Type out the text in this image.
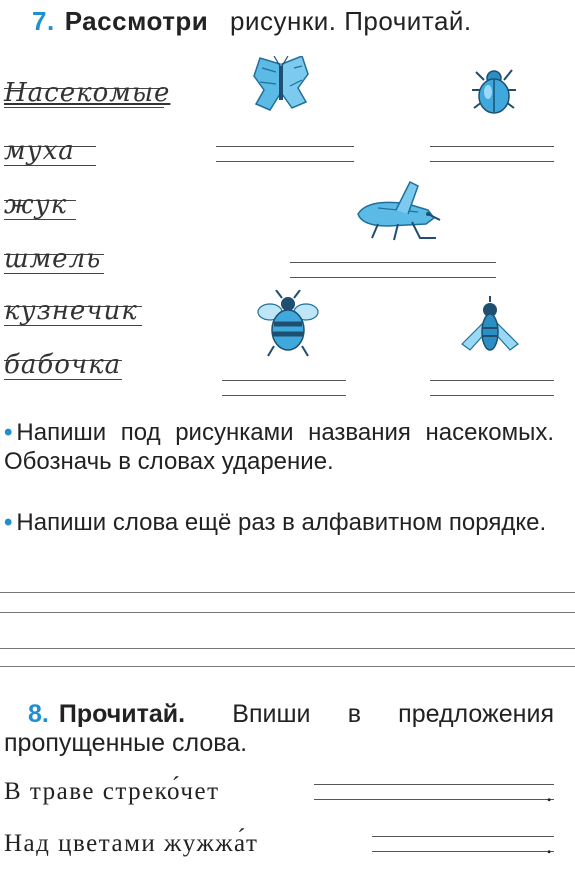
7. Рассмотри рисунки. Прочитай.
Насекомые
муха
жук
шмель
кузнечик
бабочка
• Напиши под рисунками названия насекомых. Обозначь в словах ударение.
• Напиши слова ещё раз в алфавитном порядке.
8. Прочитай. Впиши в предложения пропущенные слова.
В траве стреко́чет	.
Над цветами жужжа́т	.
